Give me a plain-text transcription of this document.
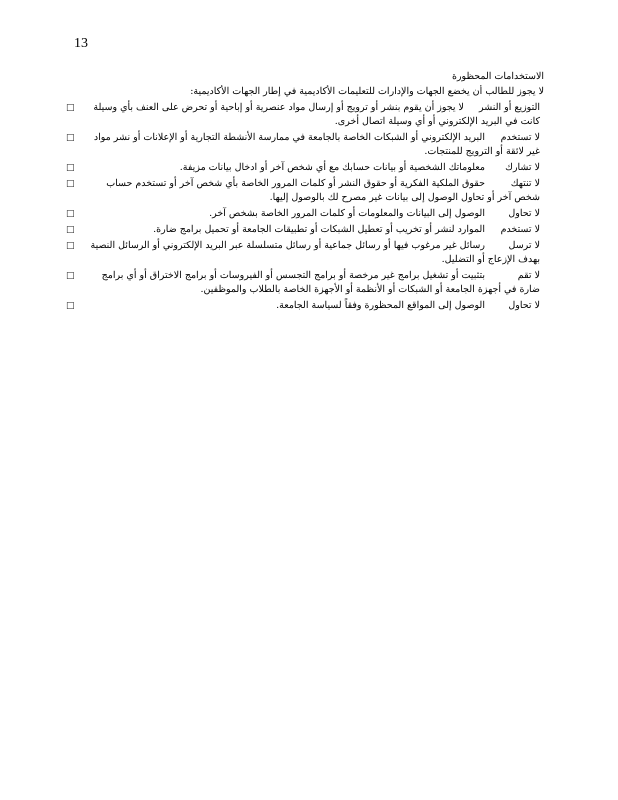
13
الاستخدامات المحظورة
لا يجوز للطالب أن يخضع الجهات والإدارات للتعليمات الأكاديمية في إطار الجهات الأكاديمية:
□	التوزيع أو النشر لا يجوز أن يقوم بنشر أو ترويج أو إرسال مواد عنصرية أو إباحية أو تحرض على العنف بأي وسيلة كانت في البريد الإلكتروني أو أي وسيلة اتصال أخرى.
□	لا تستخدم البريد الإلكتروني أو الشبكات الخاصة بالجامعة في ممارسة الأنشطة التجارية أو الإعلانات أو نشر مواد غير لائقة أو الترويج للمنتجات.
□	لا تشارك معلوماتك الشخصية أو بيانات حسابك مع أي شخص آخر أو ادخال بيانات مزيفة.
□	لا تنتهك حقوق الملكية الفكرية أو حقوق النشر أو كلمات المرور الخاصة بأي شخص آخر أو تستخدم حساب شخص آخر أو تحاول الوصول إلى بيانات غير مصرح لك بالوصول إليها.
□	لا تحاول الوصول إلى البيانات والمعلومات أو كلمات المرور الخاصة بشخص آخر.
□	لا تستخدم الموارد لنشر أو تخريب أو تعطيل الشبكات أو تطبيقات الجامعة أو تحميل برامج ضارة.
□	لا ترسل رسائل غير مرغوب فيها أو رسائل جماعية أو رسائل متسلسلة عبر البريد الإلكتروني أو الرسائل النصية بهدف الإزعاج أو التضليل.
□	لا تقم بتثبيت أو تشغيل برامج غير مرخصة أو برامج التجسس أو الفيروسات أو برامج الاختراق أو أي برامج ضارة في أجهزة الجامعة أو الشبكات أو الأنظمة أو الأجهزة الخاصة بالطلاب والموظفين.
□	لا تحاول الوصول إلى المواقع المحظورة وفقاً لسياسة الجامعة.
